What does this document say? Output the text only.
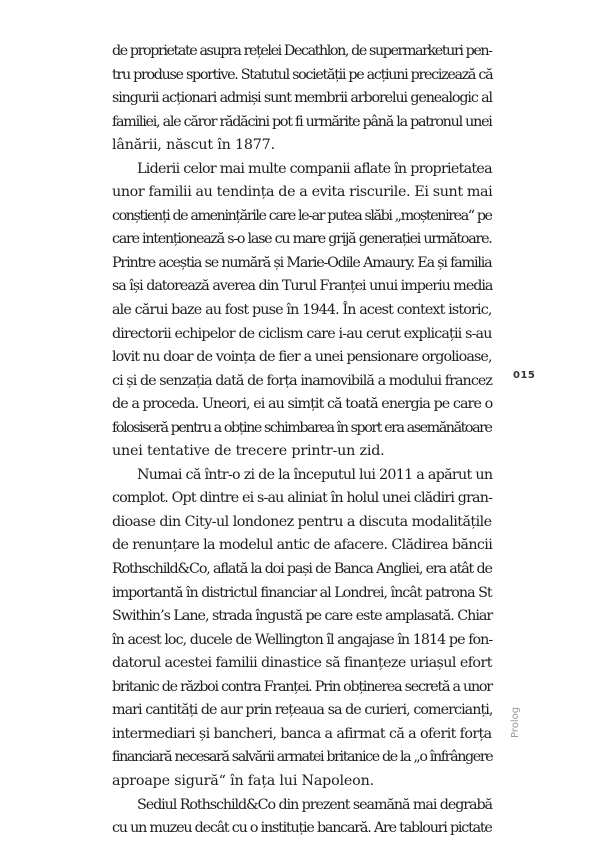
de proprietate asupra rețelei Decathlon, de supermarketuri pen-
tru produse sportive. Statutul societății pe acțiuni precizează că
singurii acționari admiși sunt membrii arborelui genealogic al
familiei, ale căror rădăcini pot fi urmărite până la patronul unei
lânării, născut în 1877.
Liderii celor mai multe companii aflate în proprietatea
unor familii au tendința de a evita riscurile. Ei sunt mai
conștienți de amenințările care le-ar putea slăbi „moștenirea“ pe
care intenționează s-o lase cu mare grijă generației următoare.
Printre aceștia se numără și Marie-Odile Amaury. Ea și familia
sa își datorează averea din Turul Franței unui imperiu media
ale cărui baze au fost puse în 1944. În acest context istoric,
directorii echipelor de ciclism care i-au cerut explicații s-au
lovit nu doar de voința de fier a unei pensionare orgolioase,
ci și de senzația dată de forța inamovibilă a modului francez
de a proceda. Uneori, ei au simțit că toată energia pe care o
folosiseră pentru a obține schimbarea în sport era asemănătoare
unei tentative de trecere printr-un zid.
Numai că într-o zi de la începutul lui 2011 a apărut un
complot. Opt dintre ei s-au aliniat în holul unei clădiri gran-
dioase din City-ul londonez pentru a discuta modalitățile
de renunțare la modelul antic de afacere. Clădirea băncii
Rothschild&Co, aflată la doi pași de Banca Angliei, era atât de
importantă în districtul financiar al Londrei, încât patrona St
Swithin’s Lane, strada îngustă pe care este amplasată. Chiar
în acest loc, ducele de Wellington îl angajase în 1814 pe fon-
datorul acestei familii dinastice să finanțeze uriașul efort
britanic de război contra Franței. Prin obținerea secretă a unor
mari cantități de aur prin rețeaua sa de curieri, comercianți,
intermediari și bancheri, banca a afirmat că a oferit forța
financiară necesară salvării armatei britanice de la „o înfrângere
aproape sigură“ în fața lui Napoleon.
Sediul Rothschild&Co din prezent seamănă mai degrabă
cu un muzeu decât cu o instituție bancară. Are tablouri pictate
015
Prolog
